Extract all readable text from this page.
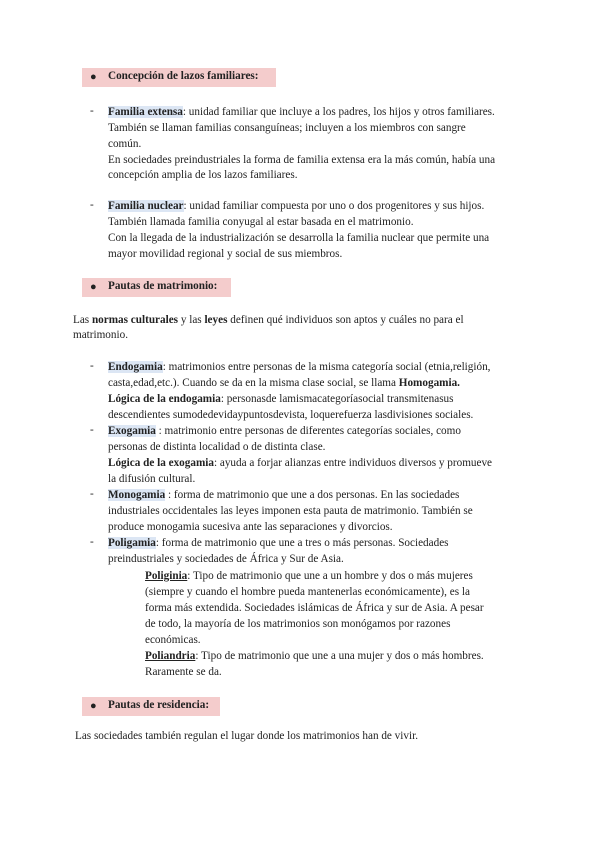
● Concepción de lazos familiares:
- Familia extensa: unidad familiar que incluye a los padres, los hijos y otros familiares.
También se llaman familias consanguíneas; incluyen a los miembros con sangre
común.
En sociedades preindustriales la forma de familia extensa era la más común, había una
concepción amplia de los lazos familiares.
- Familia nuclear: unidad familiar compuesta por uno o dos progenitores y sus hijos.
También llamada familia conyugal al estar basada en el matrimonio.
Con la llegada de la industrialización se desarrolla la familia nuclear que permite una
mayor movilidad regional y social de sus miembros.
● Pautas de matrimonio:
Las normas culturales y las leyes definen qué individuos son aptos y cuáles no para el
matrimonio.
- Endogamia: matrimonios entre personas de la misma categoría social (etnia,religión,
casta,edad,etc.). Cuando se da en la misma clase social, se llama Homogamia.
Lógica de la endogamia: personasde lamismacategoríasocial transmitenasus
descendientes sumodedevidaypuntosdevista, loquerefuerza lasdivisiones sociales.
- Exogamia : matrimonio entre personas de diferentes categorías sociales, como
personas de distinta localidad o de distinta clase.
Lógica de la exogamia: ayuda a forjar alianzas entre individuos diversos y promueve
la difusión cultural.
- Monogamia : forma de matrimonio que une a dos personas. En las sociedades
industriales occidentales las leyes imponen esta pauta de matrimonio. También se
produce monogamia sucesiva ante las separaciones y divorcios.
- Poligamia: forma de matrimonio que une a tres o más personas. Sociedades
preindustriales y sociedades de África y Sur de Asia.
Poliginia: Tipo de matrimonio que une a un hombre y dos o más mujeres
(siempre y cuando el hombre pueda mantenerlas económicamente), es la
forma más extendida. Sociedades islámicas de África y sur de Asia. A pesar
de todo, la mayoría de los matrimonios son monógamos por razones
económicas.
Poliandria: Tipo de matrimonio que une a una mujer y dos o más hombres.
Raramente se da.
● Pautas de residencia:
Las sociedades también regulan el lugar donde los matrimonios han de vivir.
